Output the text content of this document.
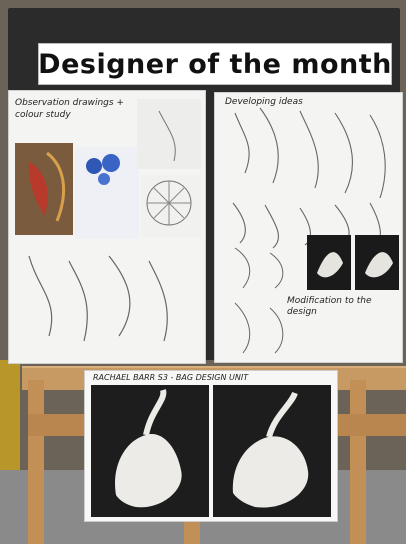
Designer of the month
Observation drawings + colour study
Developing ideas
Modification to the design
RACHAEL BARR S3 - BAG DESIGN UNIT
